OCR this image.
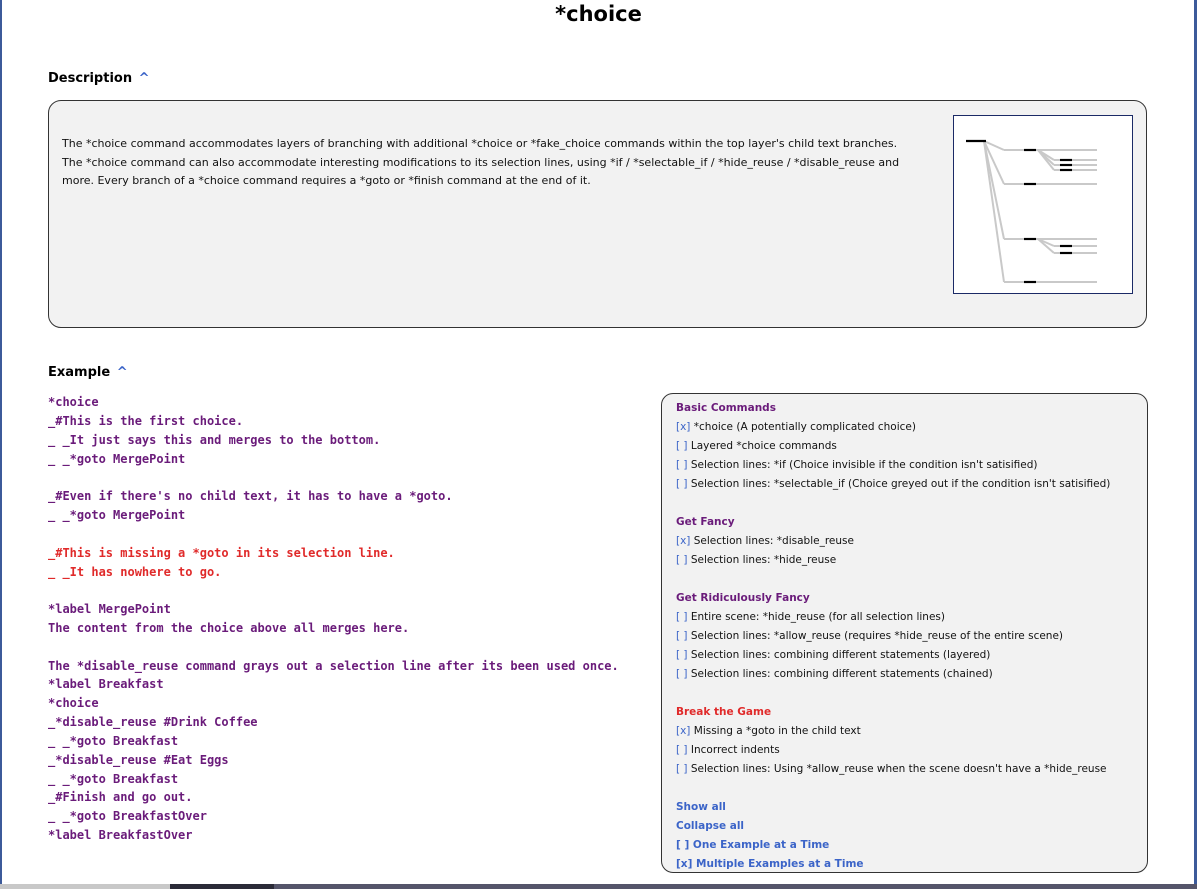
*choice
Description ^
The *choice command accommodates layers of branching with additional *choice or *fake_choice commands within the top layer's child text branches.
The *choice command can also accommodate interesting modifications to its selection lines, using *if / *selectable_if / *hide_reuse / *disable_reuse and
more. Every branch of a *choice command requires a *goto or *finish command at the end of it.
Example ^
*choice
_#This is the first choice.
_ _It just says this and merges to the bottom.
_ _*goto MergePoint
_#Even if there's no child text, it has to have a *goto.
_ _*goto MergePoint
_#This is missing a *goto in its selection line.
_ _It has nowhere to go.
*label MergePoint
The content from the choice above all merges here.
The *disable_reuse command grays out a selection line after its been used once.
*label Breakfast
*choice
_*disable_reuse #Drink Coffee
_ _*goto Breakfast
_*disable_reuse #Eat Eggs
_ _*goto Breakfast
_#Finish and go out.
_ _*goto BreakfastOver
*label BreakfastOver
Basic Commands
[x] *choice (A potentially complicated choice)
[ ] Layered *choice commands
[ ] Selection lines: *if (Choice invisible if the condition isn't satisified)
[ ] Selection lines: *selectable_if (Choice greyed out if the condition isn't satisified)
Get Fancy
[x] Selection lines: *disable_reuse
[ ] Selection lines: *hide_reuse
Get Ridiculously Fancy
[ ] Entire scene: *hide_reuse (for all selection lines)
[ ] Selection lines: *allow_reuse (requires *hide_reuse of the entire scene)
[ ] Selection lines: combining different statements (layered)
[ ] Selection lines: combining different statements (chained)
Break the Game
[x] Missing a *goto in the child text
[ ] Incorrect indents
[ ] Selection lines: Using *allow_reuse when the scene doesn't have a *hide_reuse
Show all
Collapse all
[ ] One Example at a Time
[x] Multiple Examples at a Time
